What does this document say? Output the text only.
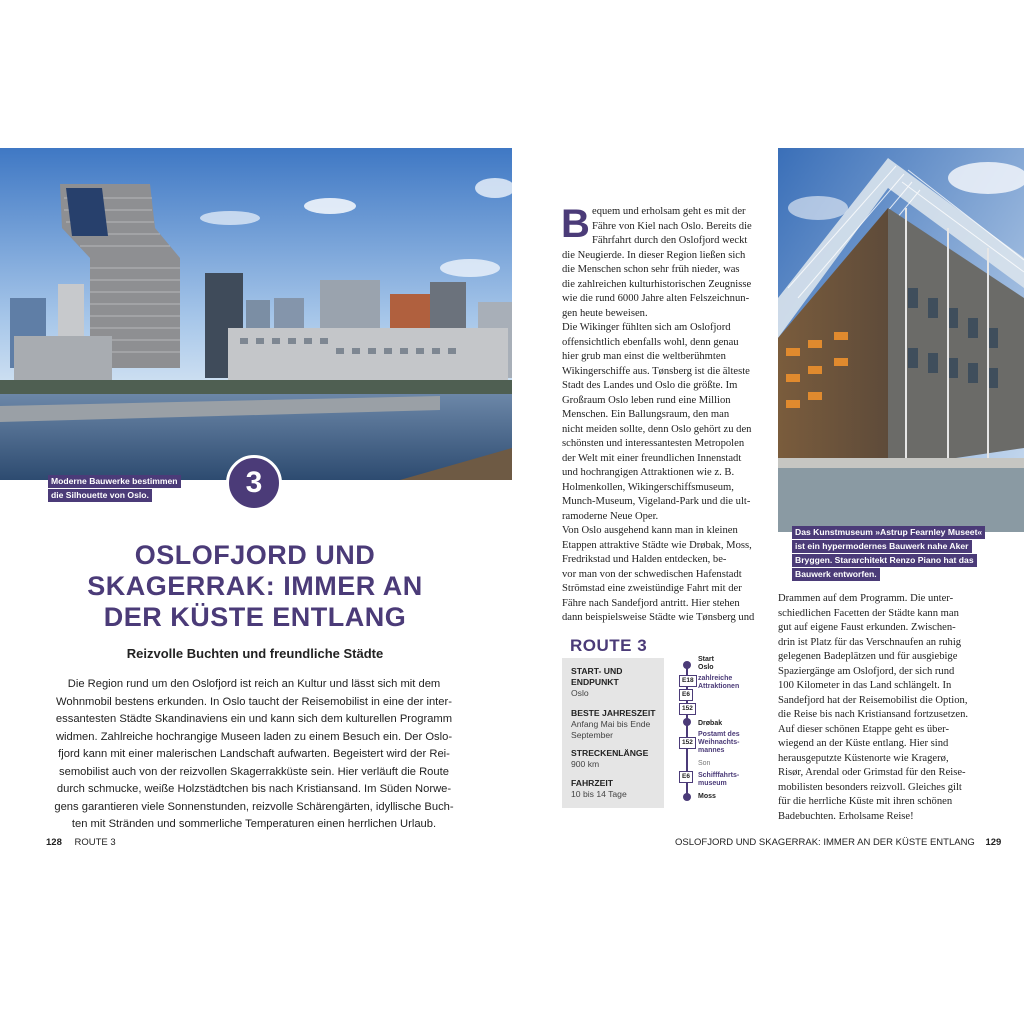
Moderne Bauwerke bestimmen
die Silhouette von Oslo.	3
OSLOFJORD UND
SKAGERRAK: IMMER AN
DER KÜSTE ENTLANG
Reizvolle Buchten und freundliche Städte
Die Region rund um den Oslofjord ist reich an Kultur und lässt sich mit dem
Wohnmobil bestens erkunden. In Oslo taucht der Reisemobilist in eine der inter-
essantesten Städte Skandinaviens ein und kann sich dem kulturellen Programm
widmen. Zahlreiche hochrangige Museen laden zu einem Besuch ein. Der Oslo-
fjord kann mit einer malerischen Landschaft aufwarten. Begeistert wird der Rei-
semobilist auch von der reizvollen Skagerrakküste sein. Hier verläuft die Route
durch schmucke, weiße Holzstädtchen bis nach Kristiansand. Im Süden Norwe-
gens garantieren viele Sonnenstunden, reizvolle Schärengärten, idyllische Buch-
ten mit Stränden und sommerliche Temperaturen einen herrlichen Urlaub.
128 ROUTE 3
B equem und erholsam geht es mit der
Fähre von Kiel nach Oslo. Bereits die
Fährfahrt durch den Oslofjord weckt
die Neugierde. In dieser Region ließen sich
die Menschen schon sehr früh nieder, was
die zahlreichen kulturhistorischen Zeugnisse
wie die rund 6000 Jahre alten Felszeichnun-
gen heute beweisen.
Die Wikinger fühlten sich am Oslofjord
offensichtlich ebenfalls wohl, denn genau
hier grub man einst die weltberühmten
Wikingerschiffe aus. Tønsberg ist die älteste
Stadt des Landes und Oslo die größte. Im
Großraum Oslo leben rund eine Million
Menschen. Ein Ballungsraum, den man
nicht meiden sollte, denn Oslo gehört zu den
schönsten und interessantesten Metropolen
der Welt mit einer freundlichen Innenstadt
und hochrangigen Attraktionen wie z. B.
Holmenkollen, Wikingerschiffsmuseum,
Munch-Museum, Vigeland-Park und die ult-
ramoderne Neue Oper.
Von Oslo ausgehend kann man in kleinen
Etappen attraktive Städte wie Drøbak, Moss,
Fredrikstad und Halden entdecken, be-
vor man von der schwedischen Hafenstadt
Strömstad eine zweistündige Fahrt mit der
Fähre nach Sandefjord antritt. Hier stehen
dann beispielsweise Städte wie Tønsberg und
Das Kunstmuseum »Astrup Fearnley Museet«
ist ein hypermodernes Bauwerk nahe Aker
Bryggen. Stararchitekt Renzo Piano hat das
Bauwerk entworfen.
Drammen auf dem Programm. Die unter-
schiedlichen Facetten der Städte kann man
gut auf eigene Faust erkunden. Zwischen-
drin ist Platz für das Verschnaufen an ruhig
gelegenen Badeplätzen und für ausgiebige
Spaziergänge am Oslofjord, der sich rund
100 Kilometer in das Land schlängelt. In
Sandefjord hat der Reisemobilist die Option,
die Reise bis nach Kristiansand fortzusetzen.
Auf dieser schönen Etappe geht es über-
wiegend an der Küste entlang. Hier sind
herausgeputzte Küstenorte wie Kragerø,
Risør, Arendal oder Grimstad für den Reise-
mobilisten besonders reizvoll. Gleiches gilt
für die herrliche Küste mit ihren schönen
Badebuchten. Erholsame Reise!
ROUTE 3
START- UND
ENDPUNKT
Oslo
BESTE JAHRESZEIT
Anfang Mai bis Ende
September
STRECKENLÄNGE
900 km
FAHRZEIT
10 bis 14 Tage
E18
E6
152
152
E6
Start
Oslo
zahlreiche
Attraktionen
Drøbak
Postamt des
Weihnachts-
mannes
Son
Schifffahrts-
museum
Moss
OSLOFJORD UND SKAGERRAK: IMMER AN DER KÜSTE ENTLANG 129
